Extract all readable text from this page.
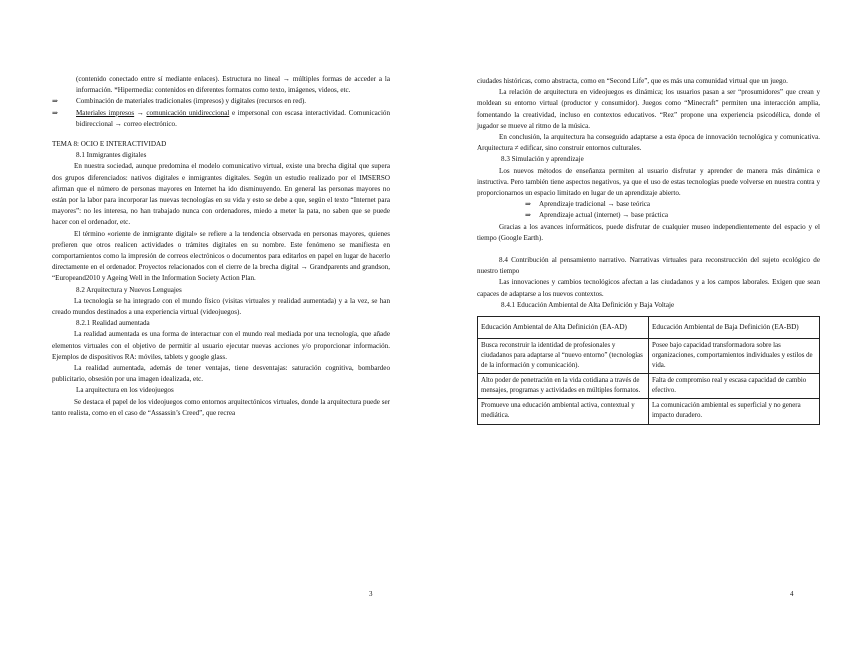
(contenido conectado entre sí mediante enlaces). Estructura no lineal → múltiples formas de acceder a la información. *Hipermedia: contenidos en diferentes formatos como texto, imágenes, videos, etc.

⇒	Combinación de materiales tradicionales (impresos) y digitales (recursos en red).
⇒	Materiales impresos → comunicación unidireccional e impersonal con escasa interactividad. Comunicación bidireccional → correo electrónico.

TEMA 8: OCIO E INTERACTIVIDAD

8.1 Inmigrantes digitales

En nuestra sociedad, aunque predomina el modelo comunicativo virtual, existe una brecha digital que supera dos grupos diferenciados: nativos digitales e inmigrantes digitales. Según un estudio realizado por el IMSERSO afirman que el número de personas mayores en Internet ha ido disminuyendo. En general las personas mayores no están por la labor para incorporar las nuevas tecnologías en su vida y esto se debe a que, según el texto “Internet para mayores”: no les interesa, no han trabajado nunca con ordenadores, miedo a meter la pata, no saben que se puede hacer con el ordenador, etc.

El término «oriente de inmigrante digital» se refiere a la tendencia observada en personas mayores, quienes prefieren que otros realicen actividades o trámites digitales en su nombre. Este fenómeno se manifiesta en comportamientos como la impresión de correos electrónicos o documentos para editarlos en papel en lugar de hacerlo directamente en el ordenador. Proyectos relacionados con el cierre de la brecha digital → Grandparents and grandson, “Europeand2010 y Ageing Well in the Information Society Action Plan.

8.2 Arquitectura y Nuevos Lenguajes

La tecnología se ha integrado con el mundo físico (visitas virtuales y realidad aumentada) y a la vez, se han creado mundos destinados a una experiencia virtual (videojuegos).

8.2.1 Realidad aumentada

La realidad aumentada es una forma de interactuar con el mundo real mediada por una tecnología, que añade elementos virtuales con el objetivo de permitir al usuario ejecutar nuevas acciones y/o proporcionar información. Ejemplos de dispositivos RA: móviles, tablets y google glass.

La realidad aumentada, además de tener ventajas, tiene desventajas: saturación cognitiva, bombardeo publicitario, obsesión por una imagen idealizada, etc.

La arquitectura en los videojuegos

Se destaca el papel de los videojuegos como entornos arquitectónicos virtuales, donde la arquitectura puede ser tanto realista, como en el caso de “Assassin’s Creed”, que recrea

3

ciudades históricas, como abstracta, como en “Second Life”, que es más una comunidad virtual que un juego.

La relación de arquitectura en videojuegos es dinámica; los usuarios pasan a ser “prosumidores” que crean y moldean su entorno virtual (productor y consumidor). Juegos como “Minecraft” permiten una interacción amplia, fomentando la creatividad, incluso en contextos educativos. “Rez” propone una experiencia psicodélica, donde el jugador se mueve al ritmo de la música.

En conclusión, la arquitectura ha conseguido adaptarse a esta época de innovación tecnológica y comunicativa. Arquitectura ≠ edificar, sino construir entornos culturales.

8.3 Simulación y aprendizaje

Los nuevos métodos de enseñanza permiten al usuario disfrutar y aprender de manera más dinámica e instructiva. Pero también tiene aspectos negativos, ya que el uso de estas tecnologías puede volverse en nuestra contra y proporcionarnos un espacio limitado en lugar de un aprendizaje abierto.

⇒ Aprendizaje tradicional → base teórica
⇒ Aprendizaje actual (internet) → base práctica

Gracias a los avances informáticos, puede disfrutar de cualquier museo independientemente del espacio y el tiempo (Google Earth).

8.4 Contribución al pensamiento narrativo. Narrativas virtuales para reconstrucción del sujeto ecológico de nuestro tiempo

Las innovaciones y cambios tecnológicos afectan a las ciudadanos y a los campos laborales. Exigen que sean capaces de adaptarse a los nuevos contextos.

8.4.1 Educación Ambiental de Alta Definición y Baja Voltaje

Educación Ambiental de Alta Definición (EA-AD)	Educación Ambiental de Baja Definición (EA-BD)
Busca reconstruir la identidad de profesionales y ciudadanos para adaptarse al “nuevo entorno” (tecnologías de la información y comunicación).	Posee bajo capacidad transformadora sobre las organizaciones, comportamientos individuales y estilos de vida.
Alto poder de penetración en la vida cotidiana a través de mensajes, programas y actividades en múltiples formatos.	Falta de compromiso real y escasa capacidad de cambio efectivo.
Promueve una educación ambiental activa, contextual y mediática.	La comunicación ambiental es superficial y no genera impacto duradero.
4
